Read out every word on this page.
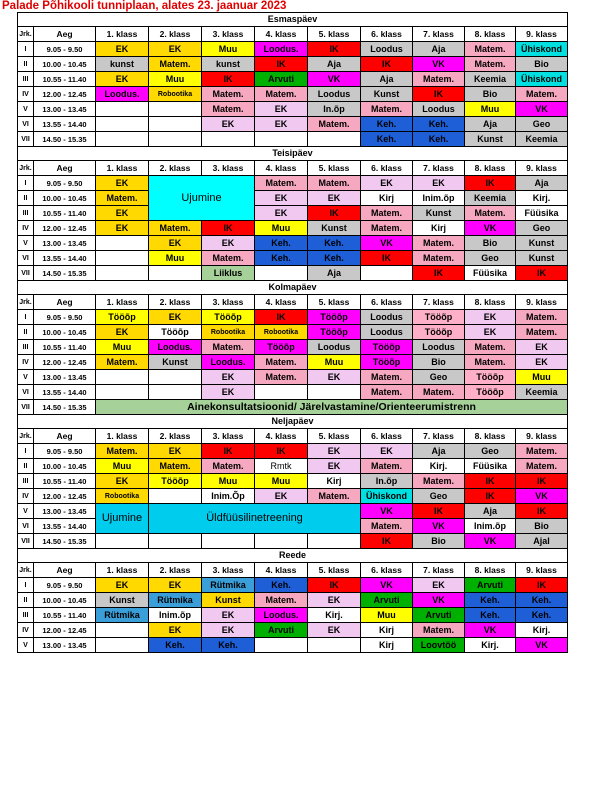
Palade Põhikooli tunniplaan, alates 23. jaanuar 2023
Esmaspäev										
Jrk.	Aeg	1. klass	2. klass	3. klass	4. klass	5. klass	6. klass	7. klass	8. klass	9. klass
I	9.05 - 9.50	EK	EK	Muu	Loodus.	IK	Loodus	Aja	Matem.	Ühiskond
II	10.00 - 10.45	kunst	Matem.	kunst	IK	Aja	IK	VK	Matem.	Bio
III	10.55 - 11.40	EK	Muu	IK	Arvuti	VK	Aja	Matem.	Keemia	Ühiskond
IV	12.00 - 12.45	Loodus.	Robootika	Matem.	Matem.	Loodus	Kunst	IK	Bio	Matem.
V	13.00 - 13.45			Matem.	EK	In.õp	Matem.	Loodus	Muu	VK
VI	13.55 - 14.40			EK	EK	Matem.	Keh.	Keh.	Aja	Geo
VII	14.50 - 15.35						Keh.	Keh.	Kunst	Keemia
Teisipäev										
Jrk.	Aeg	1. klass	2. klass	3. klass	4. klass	5. klass	6. klass	7. klass	8. klass	9. klass
I	9.05 - 9.50	EK	Ujumine		Matem.	Matem.	EK	EK	IK	Aja
II	10.00 - 10.45	Matem.			EK	EK	Kirj	Inim.õp	Keemia	Kirj.
III	10.55 - 11.40	EK			EK	IK	Matem.	Kunst	Matem.	Füüsika
IV	12.00 - 12.45	EK	Matem.	IK	Muu	Kunst	Matem.	Kirj	VK	Geo
V	13.00 - 13.45		EK	EK	Keh.	Keh.	VK	Matem.	Bio	Kunst
VI	13.55 - 14.40		Muu	Matem.	Keh.	Keh.	IK	Matem.	Geo	Kunst
VII	14.50 - 15.35			Liiklus		Aja		IK	Füüsika	IK
Kolmapäev										
Jrk.	Aeg	1. klass	2. klass	3. klass	4. klass	5. klass	6. klass	7. klass	8. klass	9. klass
I	9.05 - 9.50	Tööõp	EK	Tööõp	IK	Tööõp	Loodus	Tööõp	EK	Matem.
II	10.00 - 10.45	EK	Tööõp	Robootika	Robootika	Tööõp	Loodus	Tööõp	EK	Matem.
III	10.55 - 11.40	Muu	Loodus.	Matem.	Tööõp	Loodus	Tööõp	Loodus	Matem.	EK
IV	12.00 - 12.45	Matem.	Kunst	Loodus.	Matem.	Muu	Tööõp	Bio	Matem.	EK
V	13.00 - 13.45			EK	Matem.	EK	Matem.	Geo	Tööõp	Muu
VI	13.55 - 14.40			EK			Matem.	Matem.	Tööõp	Keemia
VII	14.50 - 15.35	Ainekonsultatsioonid/ Järelvastamine/Orienteerumistrenn								
Neljapäev										
Jrk.	Aeg	1. klass	2. klass	3. klass	4. klass	5. klass	6. klass	7. klass	8. klass	9. klass
I	9.05 - 9.50	Matem.	EK	IK	IK	EK	EK	Aja	Geo	Matem.
II	10.00 - 10.45	Muu	Matem.	Matem.	Rmtk	EK	Matem.	Kirj.	Füüsika	Matem.
III	10.55 - 11.40	EK	Tööõp	Muu	Muu	Kirj	In.õp	Matem.	IK	IK
IV	12.00 - 12.45	Robootika		Inim.Õp	EK	Matem.	Ühiskond	Geo	IK	VK
V	13.00 - 13.45	Ujumine	Üldfüüsilinetreening				VK	IK	Aja	IK
VI	13.55 - 14.40						Matem.	VK	Inim.õp	Bio
VII	14.50 - 15.35						IK	Bio	VK	Ajal
Reede										
Jrk.	Aeg	1. klass	2. klass	3. klass	4. klass	5. klass	6. klass	7. klass	8. klass	9. klass
I	9.05 - 9.50	EK	EK	Rütmika	Keh.	IK	VK	EK	Arvuti	IK
II	10.00 - 10.45	Kunst	Rütmika	Kunst	Matem.	EK	Arvuti	VK	Keh.	Keh.
III	10.55 - 11.40	Rütmika	Inim.õp	EK	Loodus.	Kirj.	Muu	Arvuti	Keh.	Keh.
IV	12.00 - 12.45		EK	EK	Arvuti	EK	Kirj	Matem.	VK	Kirj.
V	13.00 - 13.45		Keh.	Keh.			Kirj	Loovtöö	Kirj.	VK
